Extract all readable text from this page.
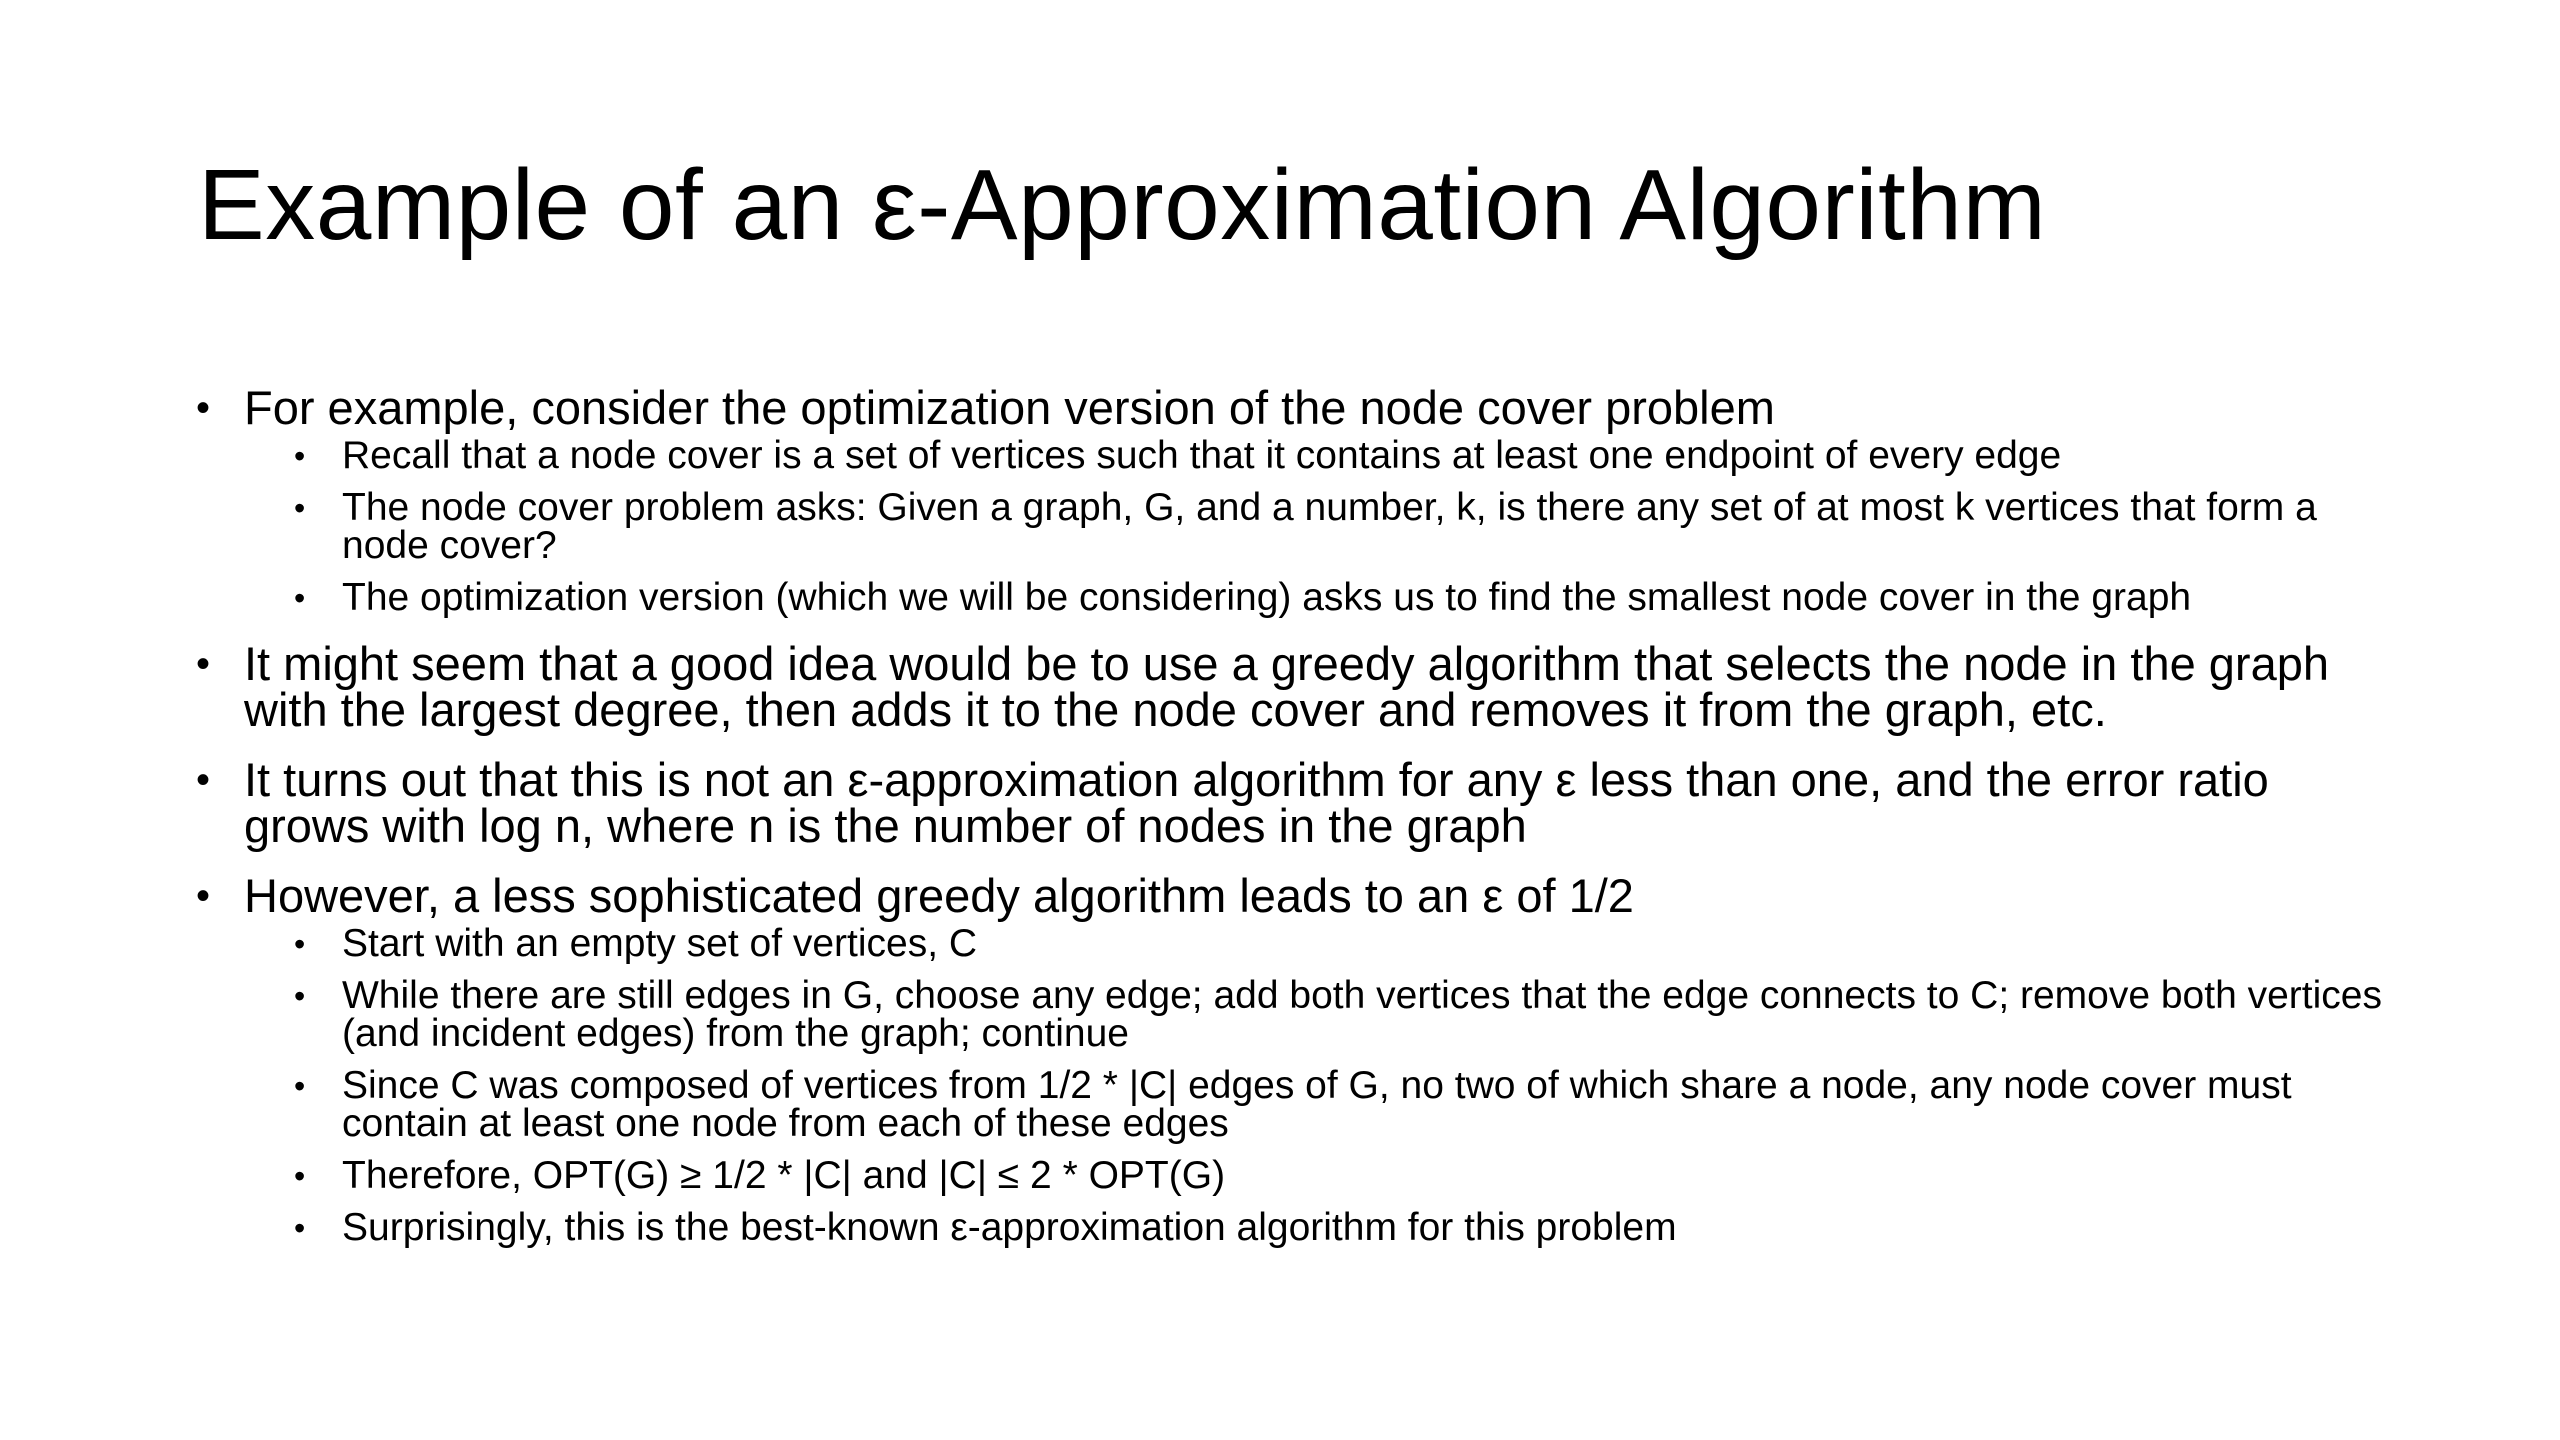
Example of an ε-Approximation Algorithm
• For example, consider the optimization version of the node cover problem
• Recall that a node cover is a set of vertices such that it contains at least one endpoint of every edge
• The node cover problem asks: Given a graph, G, and a number, k, is there any set of at most k vertices that form a node cover?
• The optimization version (which we will be considering) asks us to find the smallest node cover in the graph
• It might seem that a good idea would be to use a greedy algorithm that selects the node in the graph with the largest degree, then adds it to the node cover and removes it from the graph, etc.
• It turns out that this is not an ε-approximation algorithm for any ε less than one, and the error ratio grows with log n, where n is the number of nodes in the graph
• However, a less sophisticated greedy algorithm leads to an ε of 1/2
• Start with an empty set of vertices, C
• While there are still edges in G, choose any edge; add both vertices that the edge connects to C; remove both vertices (and incident edges) from the graph; continue
• Since C was composed of vertices from 1/2 * |C| edges of G, no two of which share a node, any node cover must contain at least one node from each of these edges
• Therefore, OPT(G) ≥ 1/2 * |C| and |C| ≤ 2 * OPT(G)
• Surprisingly, this is the best-known ε-approximation algorithm for this problem
